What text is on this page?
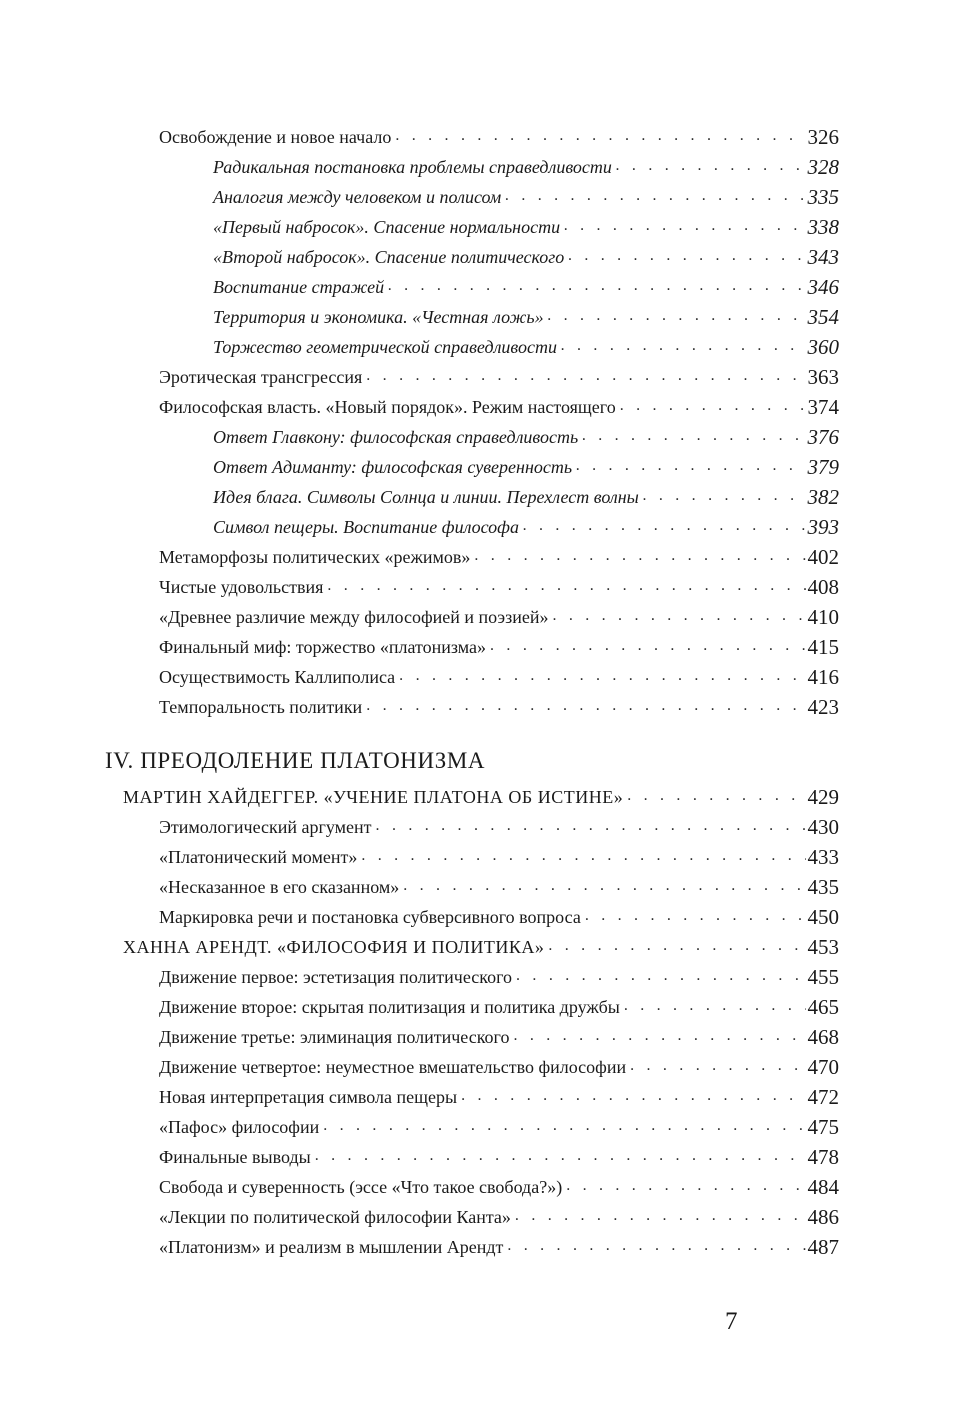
Освобождение и новое начало . . .	326
Радикальная постановка проблемы справедливости . . .	328
Аналогия между человеком и полисом . . .	335
«Первый набросок». Спасение нормальности . . .	338
«Второй набросок». Спасение политического . . .	343
Воспитание стражей . . .	346
Территория и экономика. «Честная ложь» . . .	354
Торжество геометрической справедливости . . .	360
Эротическая трансгрессия . . .	363
Философская власть. «Новый порядок». Режим настоящего . . .	374
Ответ Главкону: философская справедливость . . .	376
Ответ Адиманту: философская суверенность . . .	379
Идея блага. Символы Солнца и линии. Перехлест волны . . .	382
Символ пещеры. Воспитание философа . . .	393
Метаморфозы политических «режимов» . . .	402
Чистые удовольствия . . .	408
«Древнее различие между философией и поэзией» . . .	410
Финальный миф: торжество «платонизма» . . .	415
Осуществимость Каллиполиса . . .	416
Темпоральность политики . . .	423
IV. ПРЕОДОЛЕНИЕ ПЛАТОНИЗМА
МАРТИН ХАЙДЕГГЕР. «УЧЕНИЕ ПЛАТОНА ОБ ИСТИНЕ» . . .	429
Этимологический аргумент . . .	430
«Платонический момент» . . .	433
«Несказанное в его сказанном» . . .	435
Маркировка речи и постановка субверсивного вопроса . . .	450
ХАННА АРЕНДТ. «ФИЛОСОФИЯ И ПОЛИТИКА» . . .	453
Движение первое: эстетизация политического . . .	455
Движение второе: скрытая политизация и политика дружбы . . .	465
Движение третье: элиминация политического . . .	468
Движение четвертое: неуместное вмешательство философии . . .	470
Новая интерпретация символа пещеры . . .	472
«Пафос» философии . . .	475
Финальные выводы . . .	478
Свобода и суверенность (эссе «Что такое свобода?») . . .	484
«Лекции по политической философии Канта» . . .	486
«Платонизм» и реализм в мышлении Арендт . . .	487
7
